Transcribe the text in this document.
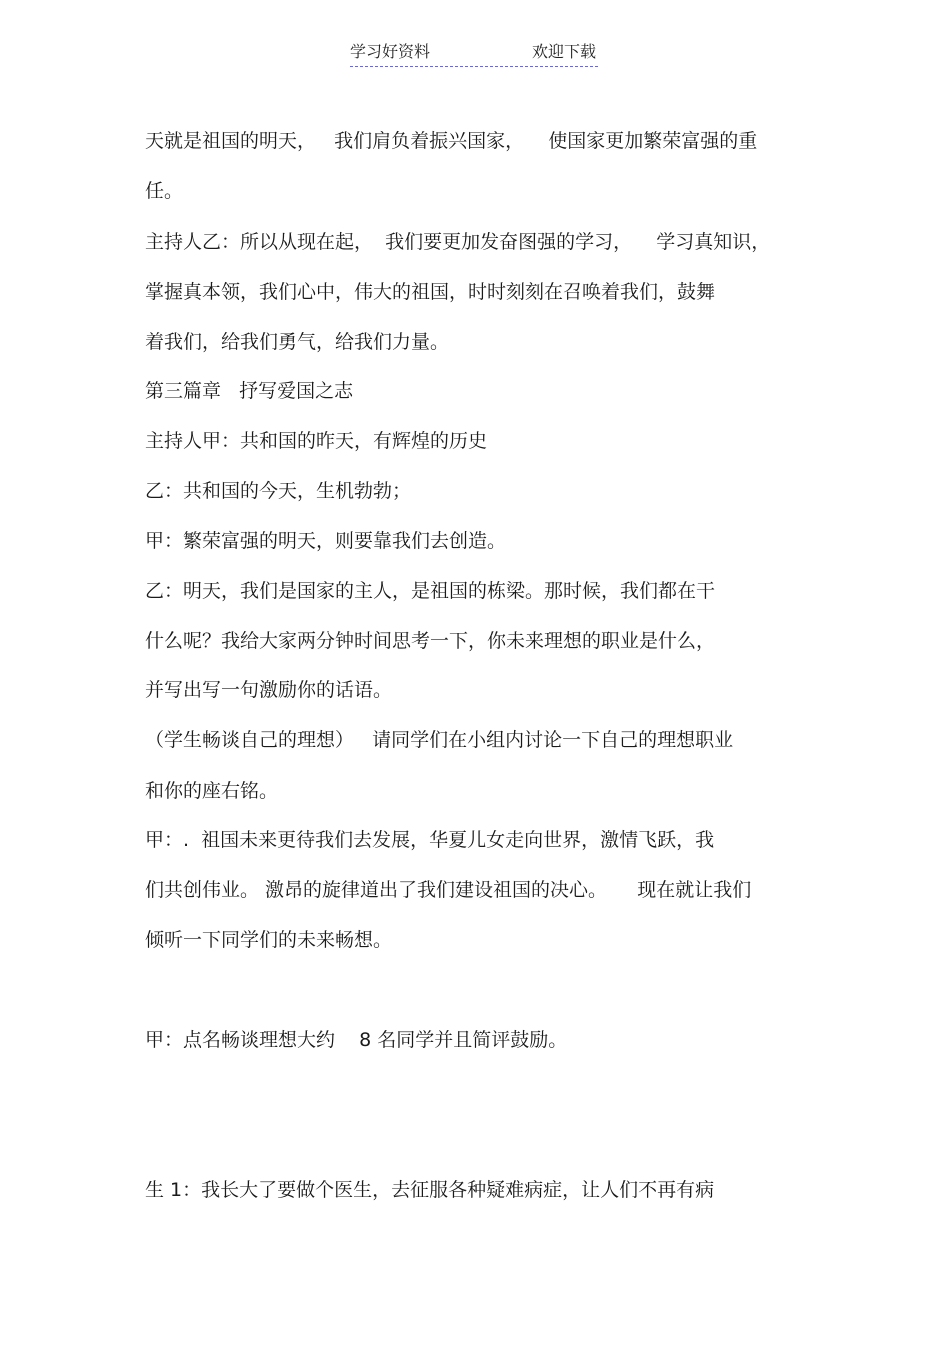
学习好资料	欢迎下载
天就是祖国的明天，   我们肩负着振兴国家，    使国家更加繁荣富强的重
任。
主持人乙：所以从现在起，  我们要更加发奋图强的学习，    学习真知识，
掌握真本领，我们心中，伟大的祖国，时时刻刻在召唤着我们，鼓舞
着我们，给我们勇气，给我们力量。
第三篇章   抒写爱国之志
主持人甲：共和国的昨天，有辉煌的历史
乙：共和国的今天，生机勃勃；
甲：繁荣富强的明天，则要靠我们去创造。
乙：明天，我们是国家的主人，是祖国的栋梁。那时候，我们都在干
什么呢？我给大家两分钟时间思考一下，你未来理想的职业是什么，
并写出写一句激励你的话语。
（学生畅谈自己的理想）   请同学们在小组内讨论一下自己的理想职业
和你的座右铭。
甲：.  祖国未来更待我们去发展，华夏儿女走向世界，激情飞跃，我
们共创伟业。 激昂的旋律道出了我们建设祖国的决心。     现在就让我们
倾听一下同学们的未来畅想。
甲：点名畅谈理想大约    8 名同学并且简评鼓励。
生 1：我长大了要做个医生，去征服各种疑难病症，让人们不再有病
